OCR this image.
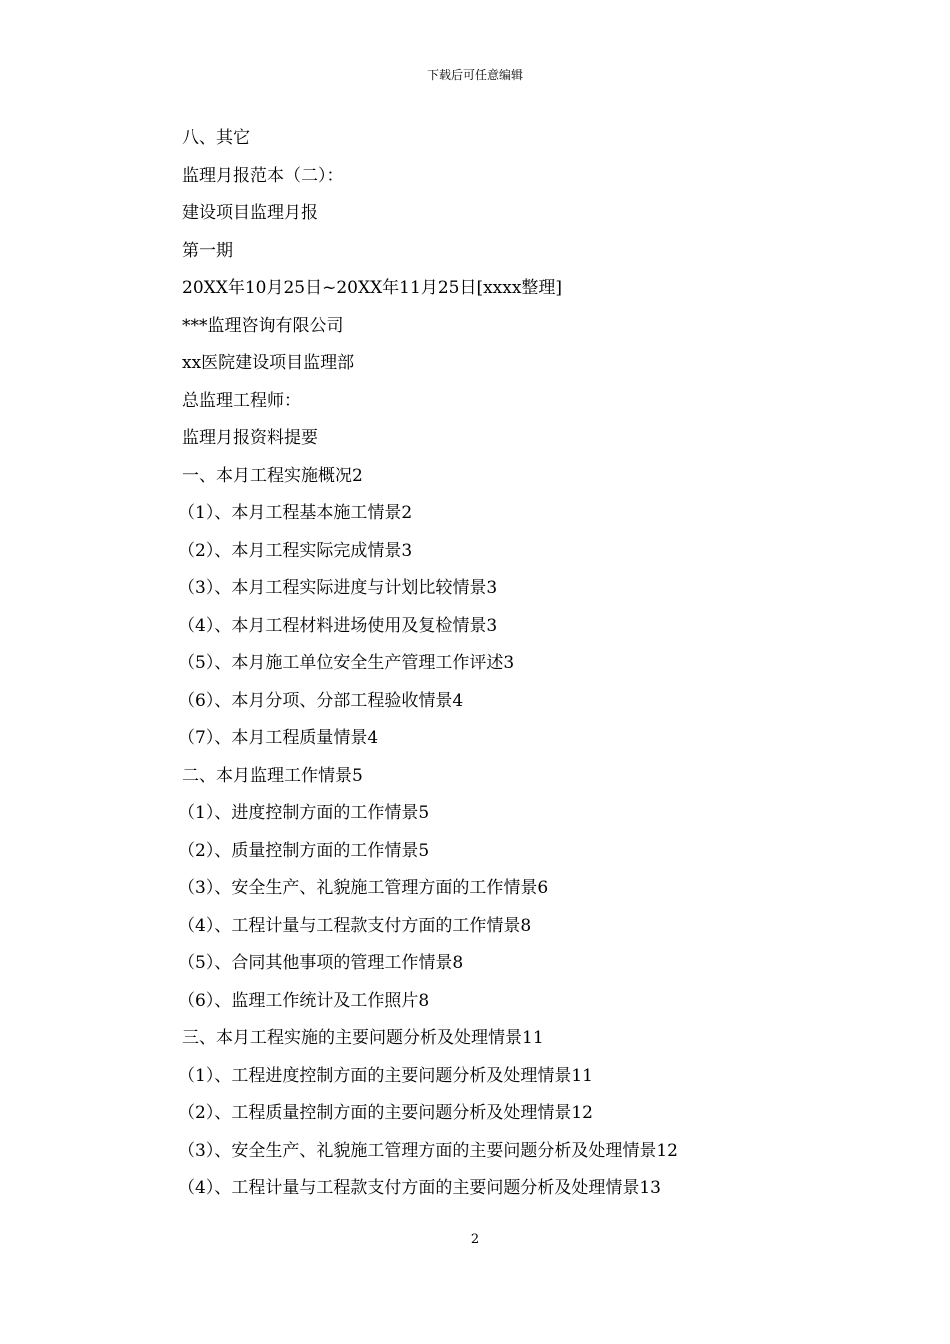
下载后可任意编辑
八、其它
监理月报范本（二）：
建设项目监理月报
第一期
20XX年10月25日~20XX年11月25日[xxxx整理]
***监理咨询有限公司
xx医院建设项目监理部
总监理工程师：
监理月报资料提要
一、本月工程实施概况2
（1）、本月工程基本施工情景2
（2）、本月工程实际完成情景3
（3）、本月工程实际进度与计划比较情景3
（4）、本月工程材料进场使用及复检情景3
（5）、本月施工单位安全生产管理工作评述3
（6）、本月分项、分部工程验收情景4
（7）、本月工程质量情景4
二、本月监理工作情景5
（1）、进度控制方面的工作情景5
（2）、质量控制方面的工作情景5
（3）、安全生产、礼貌施工管理方面的工作情景6
（4）、工程计量与工程款支付方面的工作情景8
（5）、合同其他事项的管理工作情景8
（6）、监理工作统计及工作照片8
三、本月工程实施的主要问题分析及处理情景11
（1）、工程进度控制方面的主要问题分析及处理情景11
（2）、工程质量控制方面的主要问题分析及处理情景12
（3）、安全生产、礼貌施工管理方面的主要问题分析及处理情景12
（4）、工程计量与工程款支付方面的主要问题分析及处理情景13
2
